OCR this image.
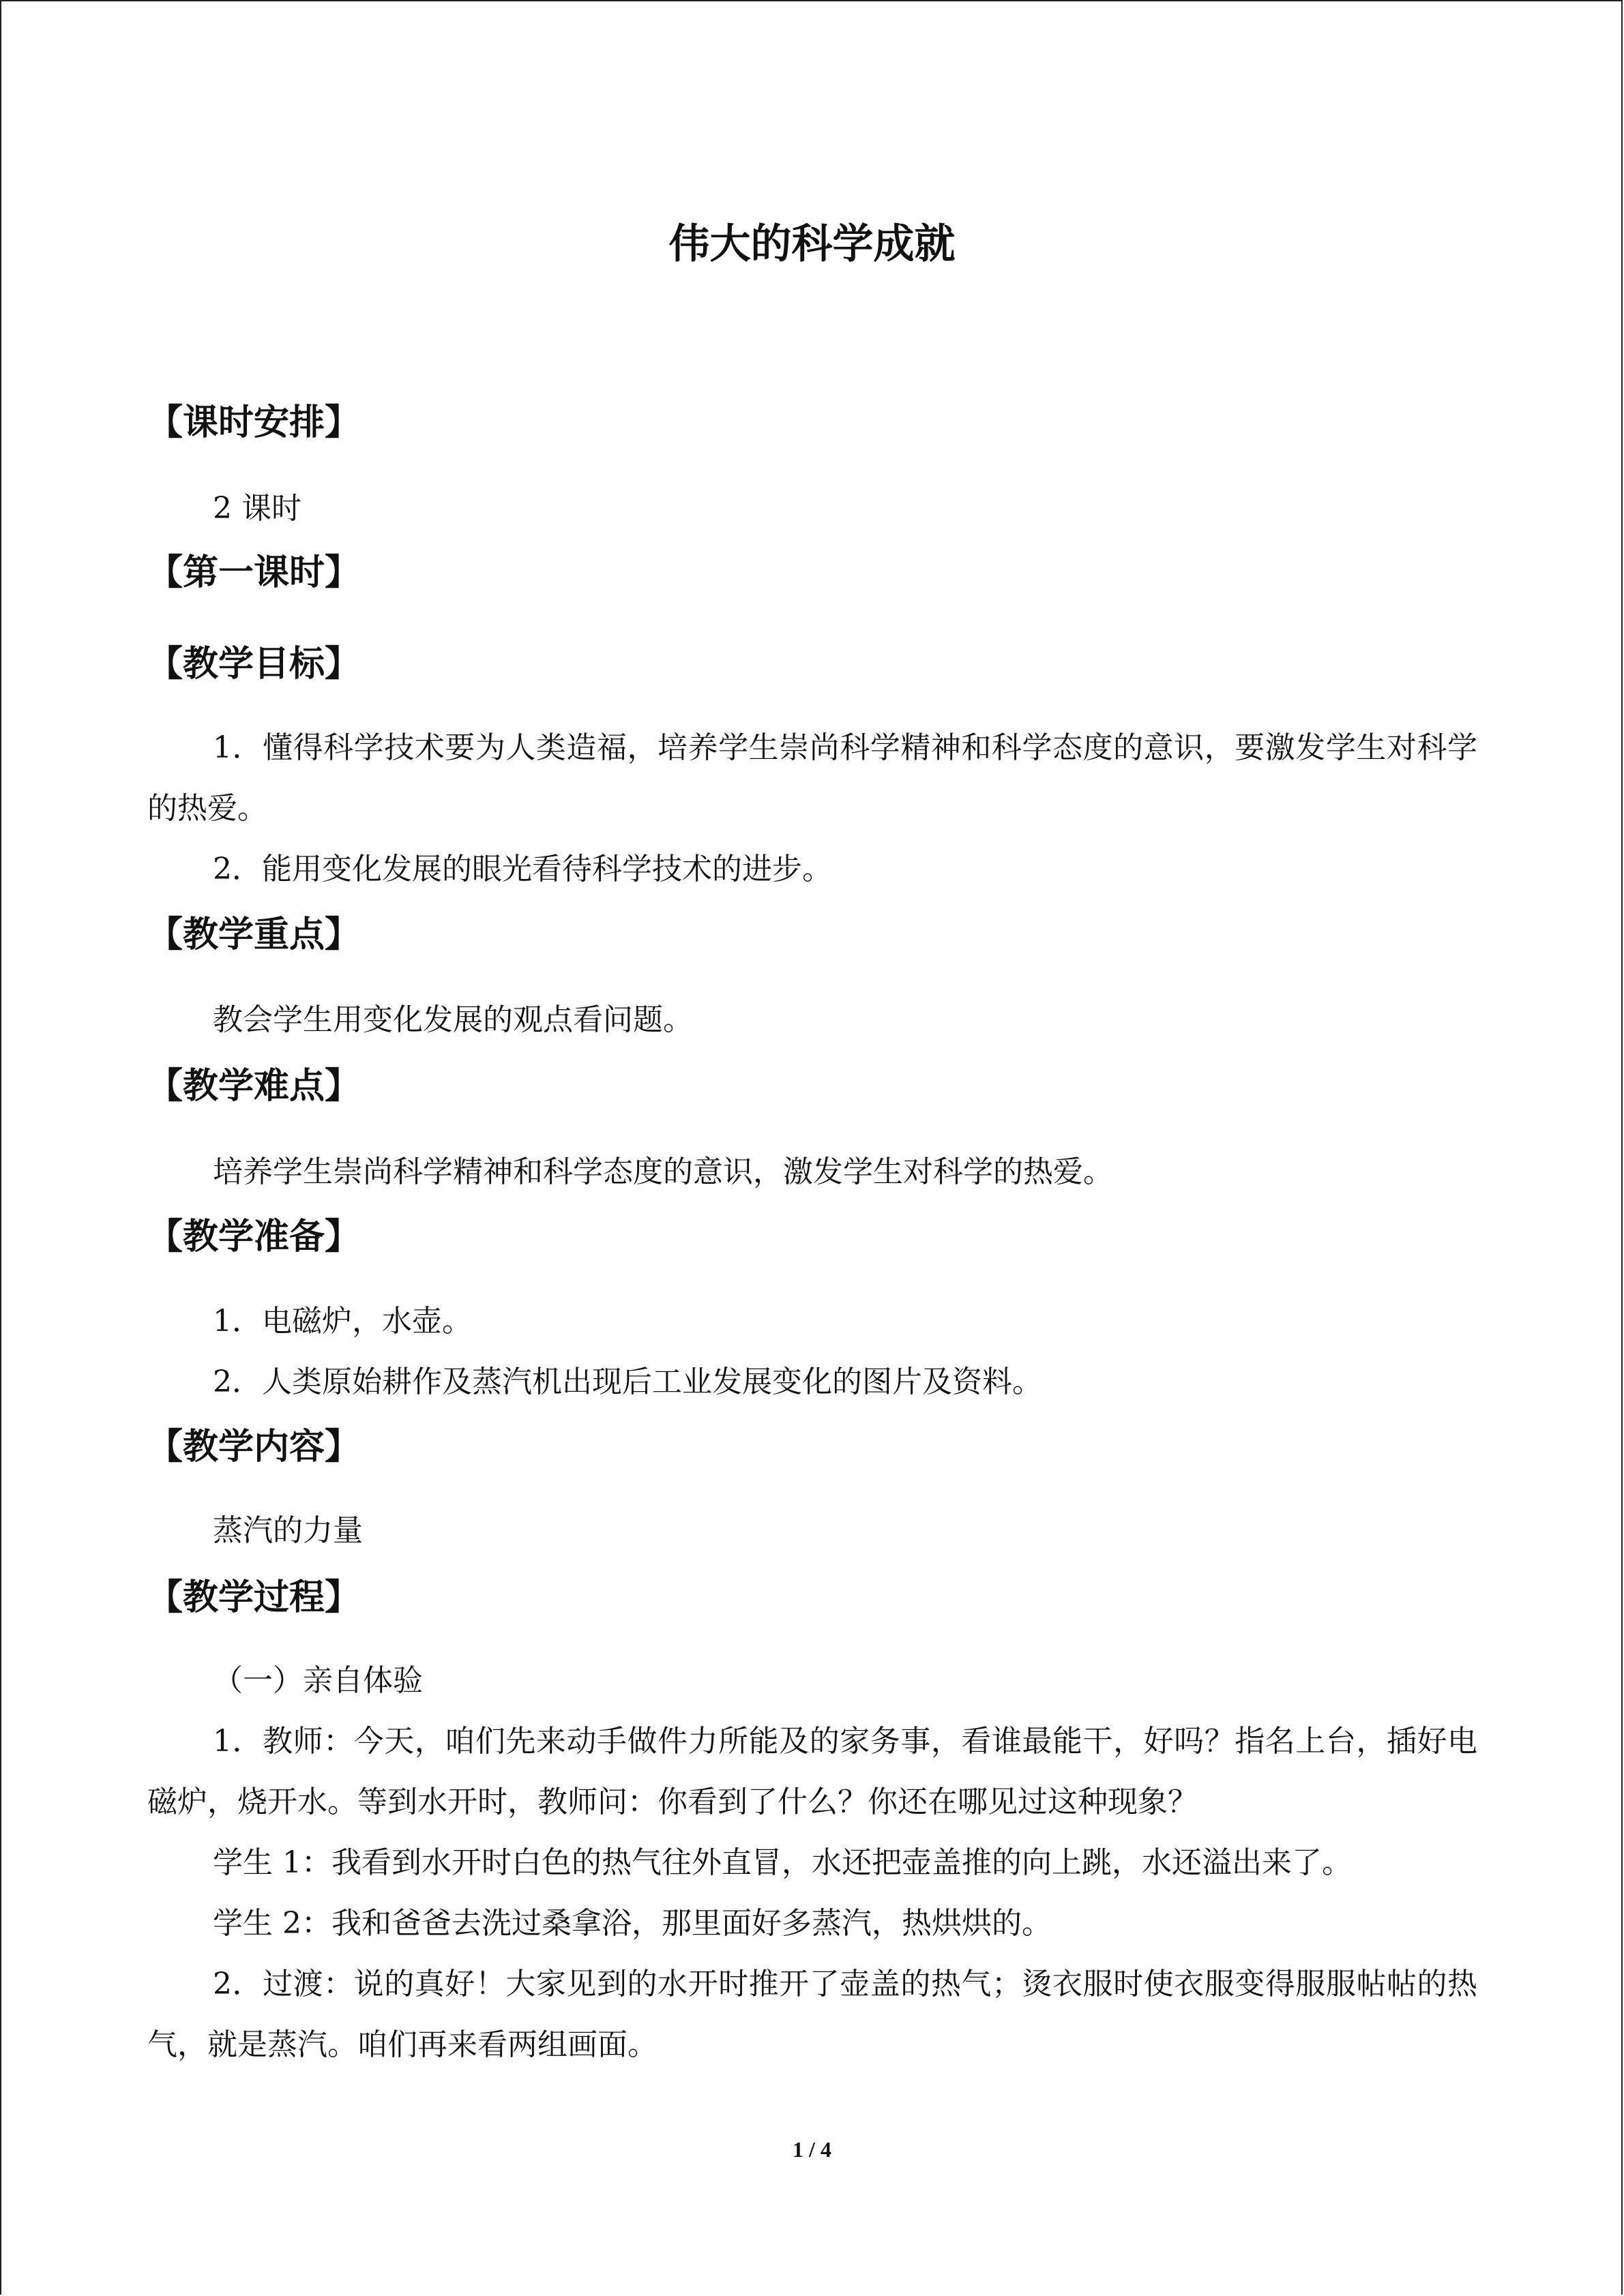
伟大的科学成就
【课时安排】
2 课时
【第一课时】
【教学目标】
1．懂得科学技术要为人类造福，培养学生崇尚科学精神和科学态度的意识，要激发学生对科学的热爱。
2．能用变化发展的眼光看待科学技术的进步。
【教学重点】
教会学生用变化发展的观点看问题。
【教学难点】
培养学生崇尚科学精神和科学态度的意识，激发学生对科学的热爱。
【教学准备】
1．电磁炉，水壶。
2．人类原始耕作及蒸汽机出现后工业发展变化的图片及资料。
【教学内容】
蒸汽的力量
【教学过程】
（一）亲自体验
1．教师：今天，咱们先来动手做件力所能及的家务事，看谁最能干，好吗？指名上台，插好电磁炉，烧开水。等到水开时，教师问：你看到了什么？你还在哪见过这种现象？
学生 1：我看到水开时白色的热气往外直冒，水还把壶盖推的向上跳，水还溢出来了。
学生 2：我和爸爸去洗过桑拿浴，那里面好多蒸汽，热烘烘的。
2．过渡：说的真好！大家见到的水开时推开了壶盖的热气；烫衣服时使衣服变得服服帖帖的热气，就是蒸汽。咱们再来看两组画面。
1 / 4
